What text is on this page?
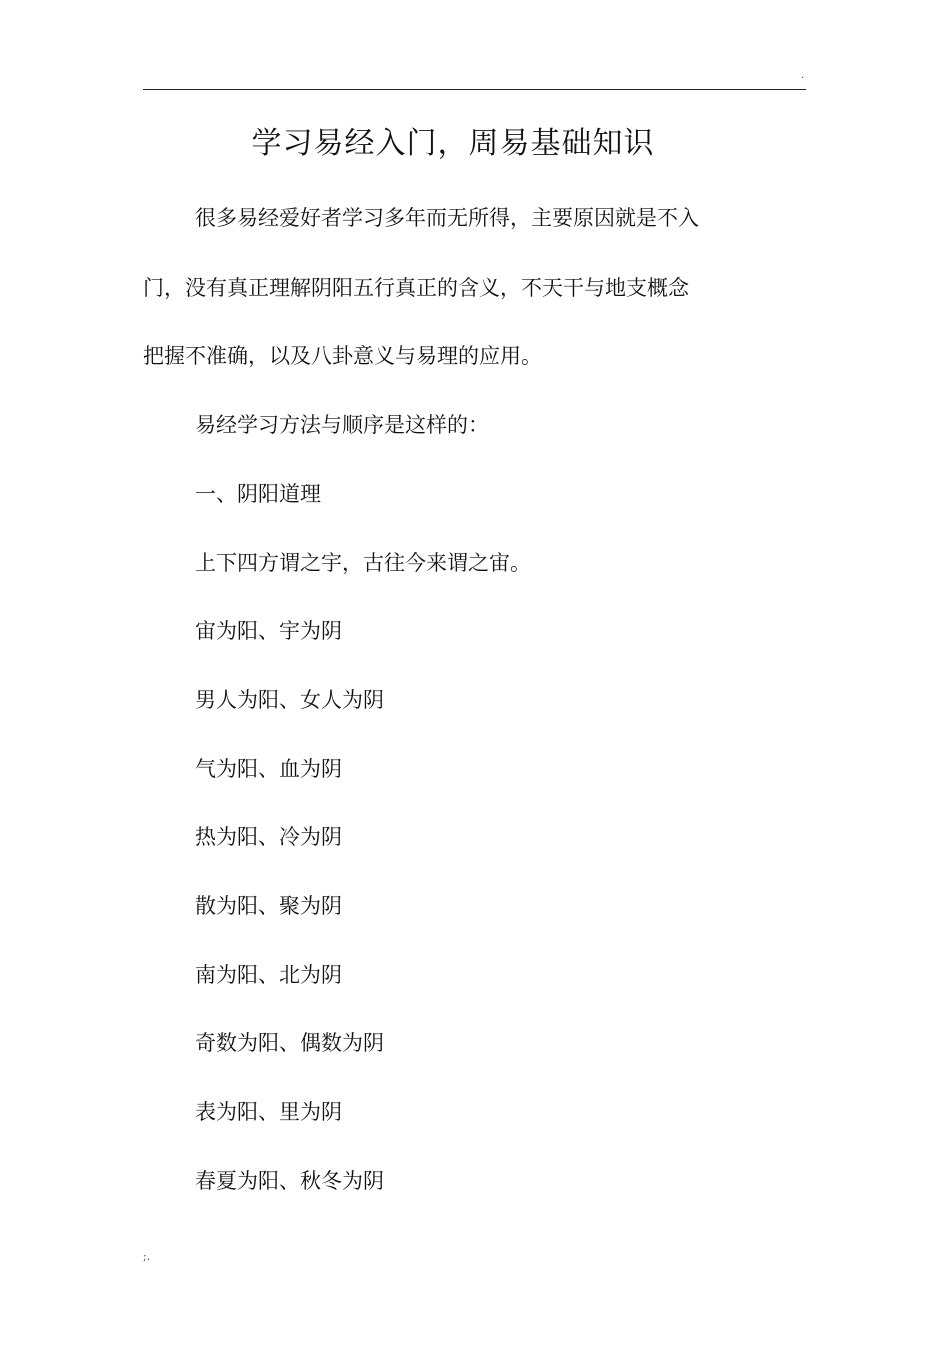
.
学习易经入门，周易基础知识
很多易经爱好者学习多年而无所得，主要原因就是不入
门，没有真正理解阴阳五行真正的含义，不天干与地支概念
把握不准确，以及八卦意义与易理的应用。
易经学习方法与顺序是这样的：
一、阴阳道理
上下四方谓之宇，古往今来谓之宙。
宙为阳、宇为阴
男人为阳、女人为阴
气为阳、血为阴
热为阳、冷为阴
散为阳、聚为阴
南为阳、北为阴
奇数为阳、偶数为阴
表为阳、里为阴
春夏为阳、秋冬为阴
;.
